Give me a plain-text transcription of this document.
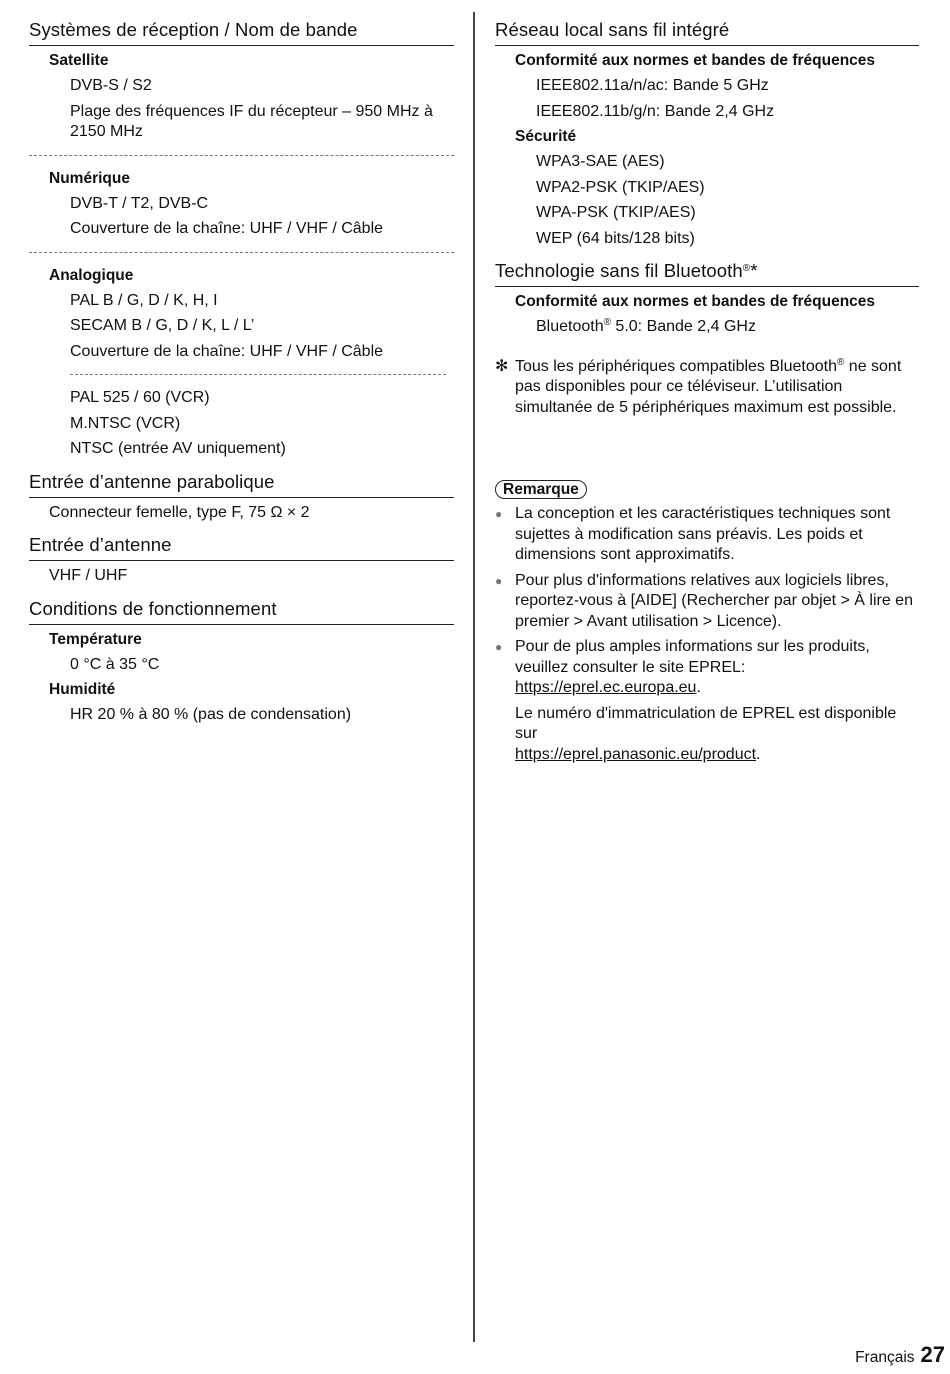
Systèmes de réception / Nom de bande
Satellite
DVB-S / S2
Plage des fréquences IF du récepteur – 950 MHz à 2150 MHz
Numérique
DVB-T / T2, DVB-C
Couverture de la chaîne: UHF / VHF / Câble
Analogique
PAL B / G, D / K, H, I
SECAM B / G, D / K, L / L’
Couverture de la chaîne: UHF / VHF / Câble
PAL 525 / 60 (VCR)
M.NTSC (VCR)
NTSC (entrée AV uniquement)
Entrée d’antenne parabolique
Connecteur femelle, type F, 75 Ω × 2
Entrée d’antenne
VHF / UHF
Conditions de fonctionnement
Température
0 °C à 35 °C
Humidité
HR 20 % à 80 % (pas de condensation)
Réseau local sans fil intégré
Conformité aux normes et bandes de fréquences
IEEE802.11a/n/ac: Bande 5 GHz
IEEE802.11b/g/n: Bande 2,4 GHz
Sécurité
WPA3-SAE (AES)
WPA2-PSK (TKIP/AES)
WPA-PSK (TKIP/AES)
WEP (64 bits/128 bits)
Technologie sans fil Bluetooth®*
Conformité aux normes et bandes de fréquences
Bluetooth® 5.0: Bande 2,4 GHz
✻ Tous les périphériques compatibles Bluetooth® ne sont pas disponibles pour ce téléviseur. L’utilisation simultanée de 5 périphériques maximum est possible.
Remarque
● La conception et les caractéristiques techniques sont sujettes à modification sans préavis. Les poids et dimensions sont approximatifs.
● Pour plus d'informations relatives aux logiciels libres, reportez-vous à [AIDE] (Rechercher par objet > À lire en premier > Avant utilisation > Licence).
● Pour de plus amples informations sur les produits, veuillez consulter le site EPREL:
https://eprel.ec.europa.eu.
Le numéro d'immatriculation de EPREL est disponible sur
https://eprel.panasonic.eu/product.
Français 27
